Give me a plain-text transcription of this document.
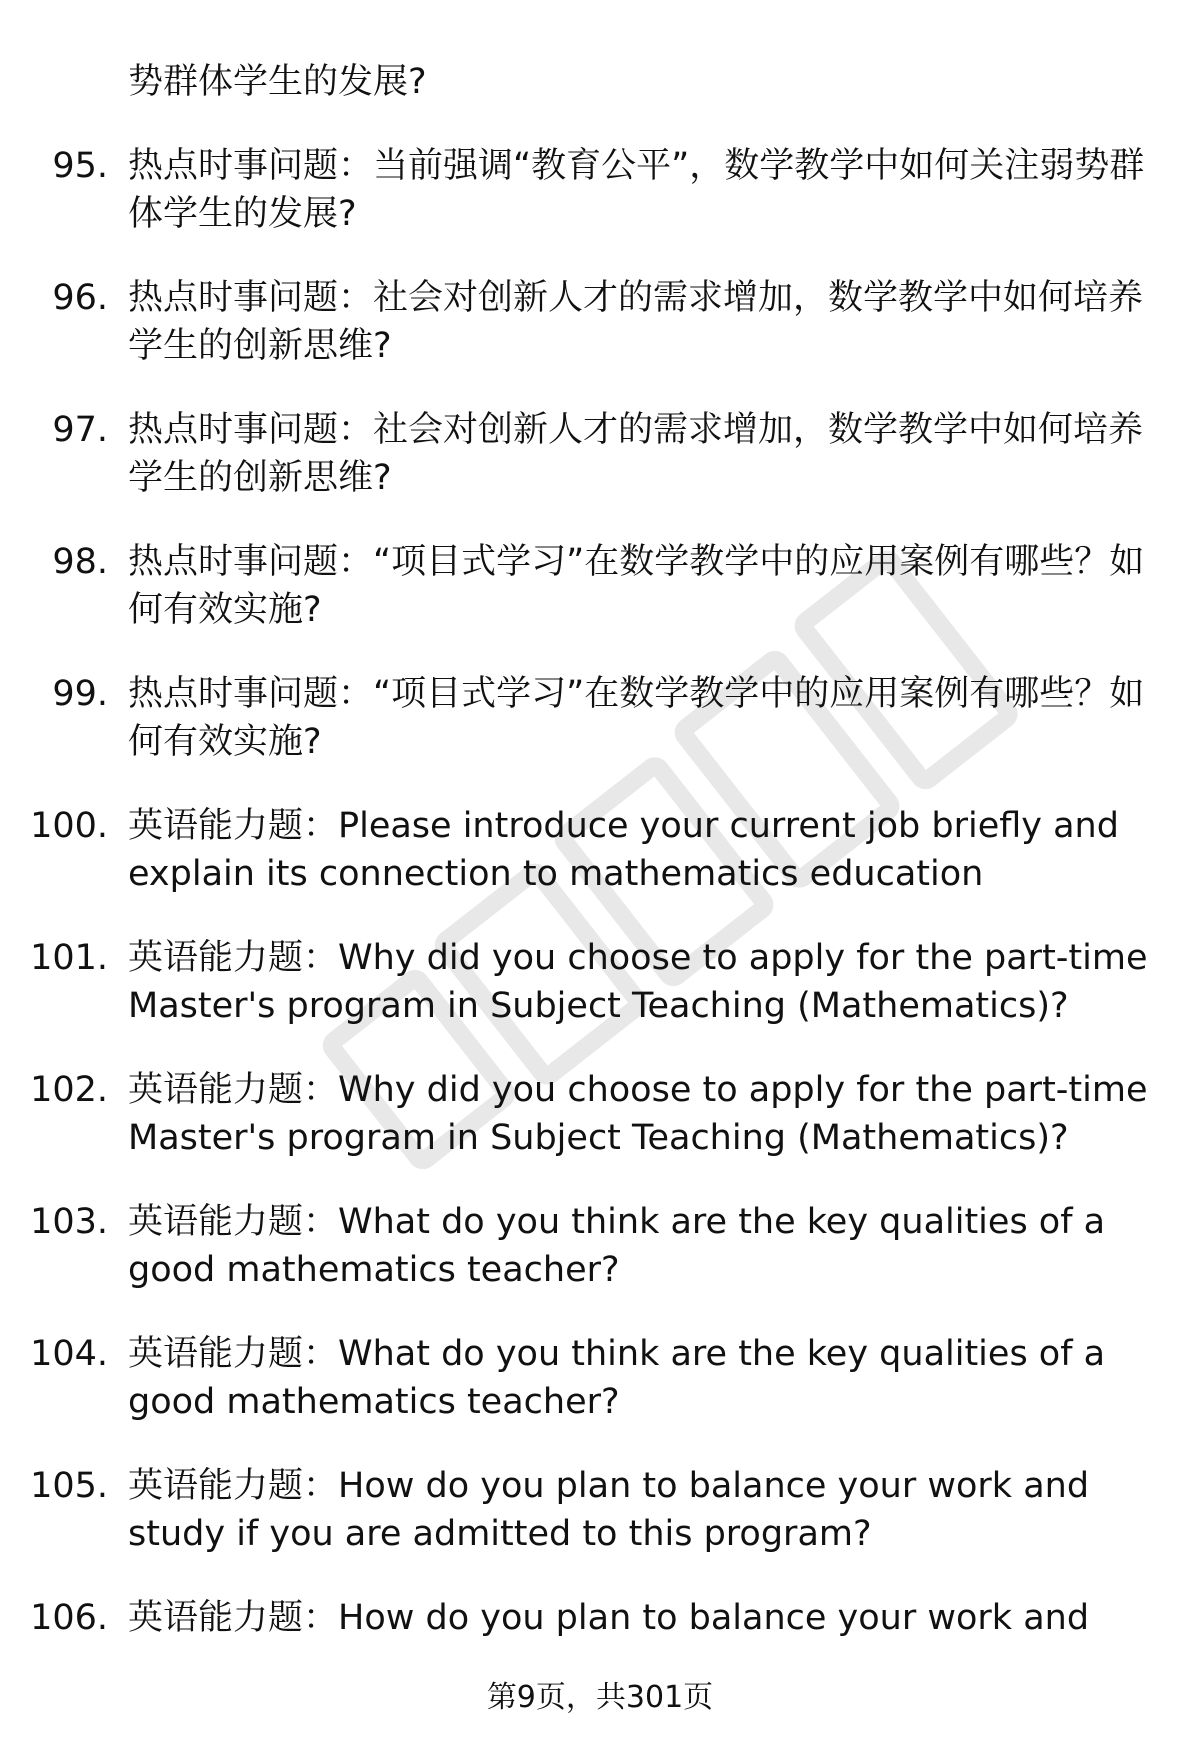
势群体学生的发展?
95. 热点时事问题：当前强调“教育公平”，数学教学中如何关注弱势群体学生的发展?
96. 热点时事问题：社会对创新人才的需求增加，数学教学中如何培养学生的创新思维?
97. 热点时事问题：社会对创新人才的需求增加，数学教学中如何培养学生的创新思维?
98. 热点时事问题：“项目式学习”在数学教学中的应用案例有哪些？如何有效实施?
99. 热点时事问题：“项目式学习”在数学教学中的应用案例有哪些？如何有效实施?
100. 英语能力题：Please introduce your current job briefly and explain its connection to mathematics education
101. 英语能力题：Why did you choose to apply for the part-time Master's program in Subject Teaching (Mathematics)?
102. 英语能力题：Why did you choose to apply for the part-time Master's program in Subject Teaching (Mathematics)?
103. 英语能力题：What do you think are the key qualities of a good mathematics teacher?
104. 英语能力题：What do you think are the key qualities of a good mathematics teacher?
105. 英语能力题：How do you plan to balance your work and study if you are admitted to this program?
106. 英语能力题：How do you plan to balance your work and
第9页，共301页
